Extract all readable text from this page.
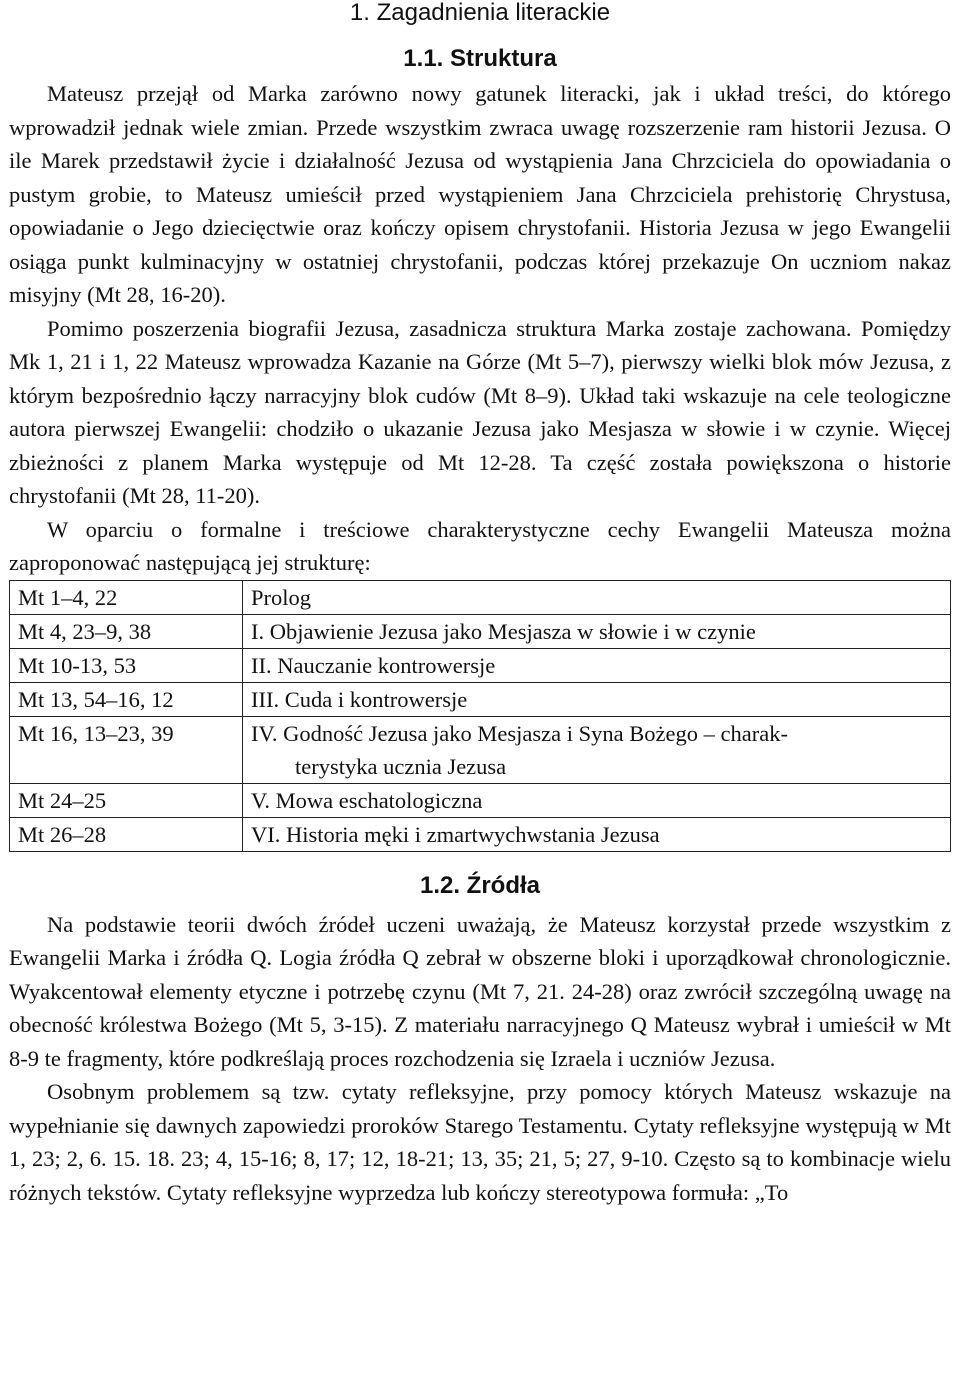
1. Zagadnienia literackie
1.1. Struktura

Mateusz przejął od Marka zarówno nowy gatunek literacki, jak i układ treści, do którego wprowadził jednak wiele zmian. Przede wszystkim zwraca uwagę rozszerzenie ram historii Jezusa. O ile Marek przedstawił życie i działalność Jezusa od wystąpienia Jana Chrzciciela do opowiadania o pustym grobie, to Mateusz umieścił przed wystąpieniem Jana Chrzciciela prehistorię Chrystusa, opowiadanie o Jego dziecięctwie oraz kończy opisem chrystofanii. Historia Jezusa w jego Ewangelii osiąga punkt kulminacyjny w ostatniej chrystofanii, podczas której przekazuje On uczniom nakaz misyjny (Mt 28, 16-20).

Pomimo poszerzenia biografii Jezusa, zasadnicza struktura Marka zostaje zachowana. Pomiędzy Mk 1, 21 i 1, 22 Mateusz wprowadza Kazanie na Górze (Mt 5–7), pierwszy wielki blok mów Jezusa, z którym bezpośrednio łączy narracyjny blok cudów (Mt 8–9). Układ taki wskazuje na cele teologiczne autora pierwszej Ewangelii: chodziło o ukazanie Jezusa jako Mesjasza w słowie i w czynie. Więcej zbieżności z planem Marka występuje od Mt 12-28. Ta część została powiększona o historie chrystofanii (Mt 28, 11-20).

W oparciu o formalne i treściowe charakterystyczne cechy Ewangelii Mateusza można zaproponować następującą jej strukturę:

Mt 1–4, 22	Prolog
Mt 4, 23–9, 38	I. Objawienie Jezusa jako Mesjasza w słowie i w czynie
Mt 10-13, 53	II. Nauczanie kontrowersje
Mt 13, 54–16, 12	III. Cuda i kontrowersje
Mt 16, 13–23, 39	IV. Godność Jezusa jako Mesjasza i Syna Bożego – charak-
terystyka ucznia Jezusa

Mt 24–25	V. Mowa eschatologiczna
Mt 26–28	VI. Historia męki i zmartwychwstania Jezusa
1.2. Źródła

Na podstawie teorii dwóch źródeł uczeni uważają, że Mateusz korzystał przede wszystkim z Ewangelii Marka i źródła Q. Logia źródła Q zebrał w obszerne bloki i uporządkował chronologicznie. Wyakcentował elementy etyczne i potrzebę czynu (Mt 7, 21. 24-28) oraz zwrócił szczególną uwagę na obecność królestwa Bożego (Mt 5, 3-15). Z materiału narracyjnego Q Mateusz wybrał i umieścił w Mt 8-9 te fragmenty, które podkreślają proces rozchodzenia się Izraela i uczniów Jezusa.

Osobnym problemem są tzw. cytaty refleksyjne, przy pomocy których Mateusz wskazuje na wypełnianie się dawnych zapowiedzi proroków Starego Testamentu. Cytaty refleksyjne występują w Mt 1, 23; 2, 6. 15. 18. 23; 4, 15-16; 8, 17; 12, 18-21; 13, 35; 21, 5; 27, 9-10. Często są to kombinacje wielu różnych tekstów. Cytaty refleksyjne wyprzedza lub kończy stereotypowa formuła: „To
